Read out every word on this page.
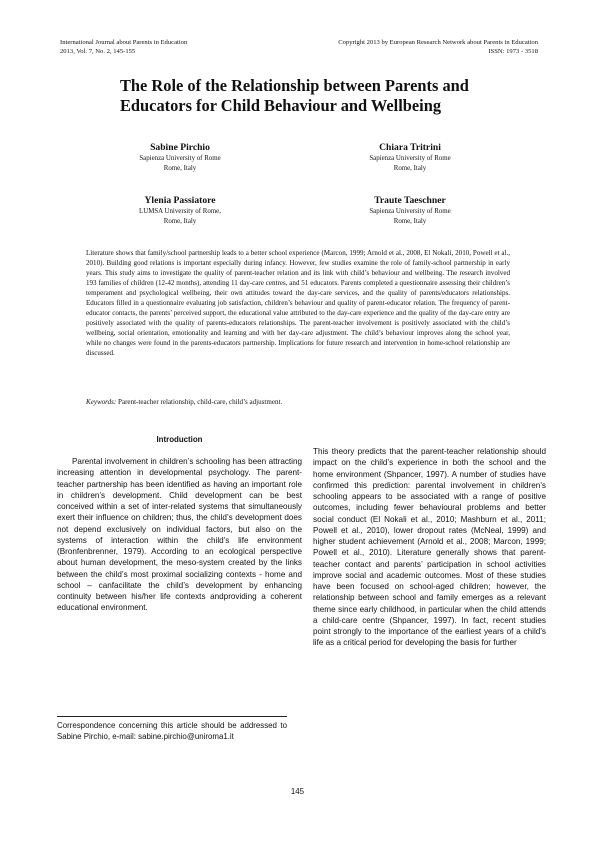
International Journal about Parents in Education
2013, Vol. 7, No. 2, 145-155
Copyright 2013 by European Research Network about Parents in Education
ISSN: 1973 - 3518
The Role of the Relationship between Parents and
Educators for Child Behaviour and Wellbeing
Sabine Pirchio
Sapienza University of Rome
Rome, Italy
Chiara Tritrini
Sapienza University of Rome
Rome, Italy
Ylenia Passiatore
LUMSA University of Rome,
Rome, Italy
Traute Taeschner
Sapienza University of Rome
Rome, Italy

Literature shows that family/school partnership leads to a better school experience (Marcon, 1999; Arnold et al., 2008, El Nokali, 2010, Powell et al., 2010). Building good relations is important especially during infancy. However, few studies examine the role of family-school partnership in early years. This study aims to investigate the quality of parent-teacher relation and its link with child’s behaviour and wellbeing. The research involved 193 families of children (12-42 months), attending 11 day-care centres, and 51 educators. Parents completed a questionnaire assessing their children’s temperament and psychological wellbeing, their own attitudes toward the day-care services, and the quality of parents/educators relationships. Educators filled in a questionnaire evaluating job satisfaction, children’s behaviour and quality of parent-educator relation. The frequency of parent-educator contacts, the parents’ perceived support, the educational value attributed to the day-care experience and the quality of the day-care entry are positively associated with the quality of parents-educators relationships. The parent-teacher involvement is positively associated with the child’s wellbeing, social orientation, emotionality and learning and with her day-care adjustment. The child’s behaviour improves along the school year, while no changes were found in the parents-educators partnership. Implications for future research and intervention in home-school relationship are discussed.

Keywords: Parent-teacher relationship, child-care, child’s adjustment.

Introduction

Parental involvement in children’s schooling has been attracting increasing attention in developmental psychology. The parent-teacher partnership has been identified as having an important role in children’s development. Child development can be best conceived within a set of inter-related systems that simultaneously exert their influence on children; thus, the child’s development does not depend exclusively on individual factors, but also on the systems of interaction within the child’s life environment (Bronfenbrenner, 1979). According to an ecological perspective about human development, the meso-system created by the links between the child’s most proximal socializing contexts - home and school – canfacilitate the child’s development by enhancing continuity between his/her life contexts andproviding a coherent educational environment.

This theory predicts that the parent-teacher relationship should impact on the child’s experience in both the school and the home environment (Shpancer, 1997). A number of studies have confirmed this prediction: parental involvement in children’s schooling appears to be associated with a range of positive outcomes, including fewer behavioural problems and better social conduct (El Nokali et al., 2010; Mashburn et al., 2011; Powell et al., 2010), lower dropout rates (McNeal, 1999) and higher student achievement (Arnold et al., 2008; Marcon, 1999; Powell et al., 2010). Literature generally shows that parent-teacher contact and parents’ participation in school activities improve social and academic outcomes. Most of these studies have been focused on school-aged children; however, the relationship between school and family emerges as a relevant theme since early childhood, in particular when the child attends a child-care centre (Shpancer, 1997). In fact, recent studies point strongly to the importance of the earliest years of a child’s life as a critical period for developing the basis for further

Correspondence concerning this article should be addressed to Sabine Pirchio, e-mail: sabine.pirchio@uniroma1.it

145
